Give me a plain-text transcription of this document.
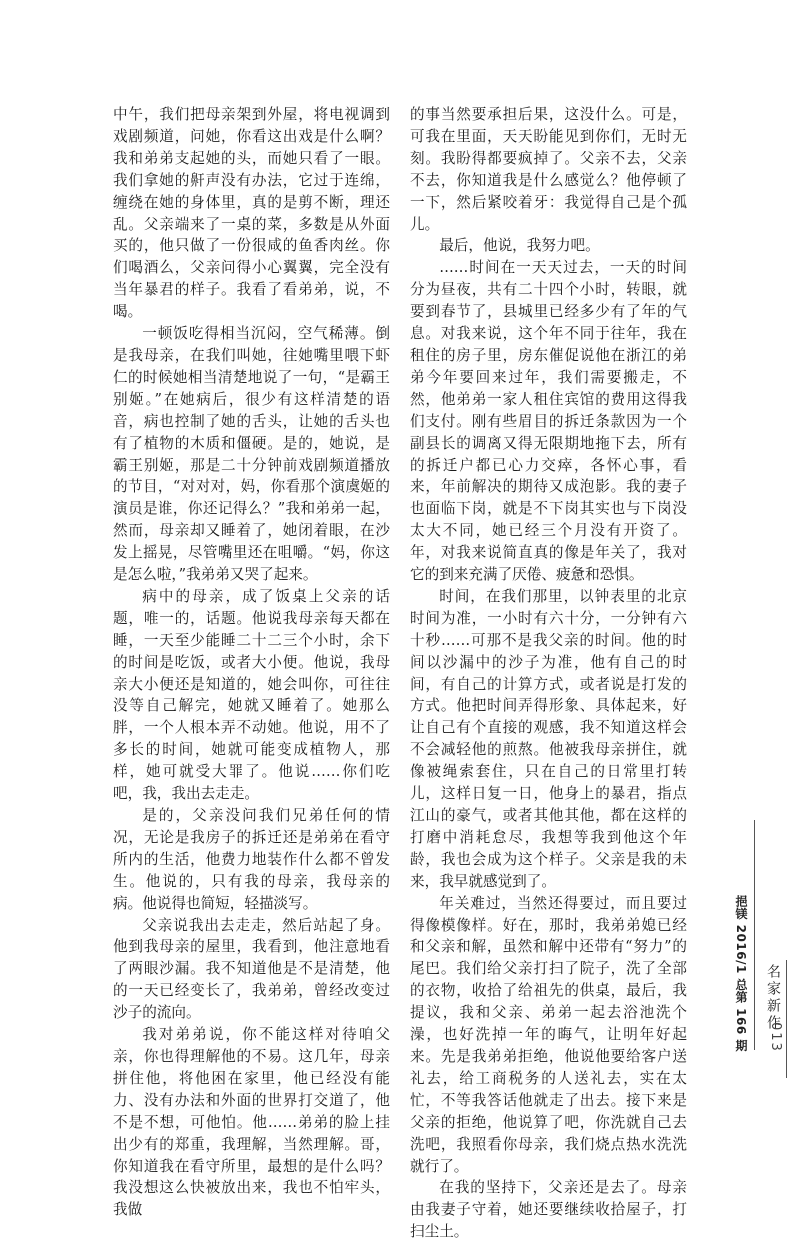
中午，我们把母亲架到外屋，将电视调到戏剧频道，问她，你看这出戏是什么啊？我和弟弟支起她的头，而她只看了一眼。我们拿她的鼾声没有办法，它过于连绵，缠绕在她的身体里，真的是剪不断，理还乱。父亲端来了一桌的菜，多数是从外面买的，他只做了一份很咸的鱼香肉丝。你们喝酒么，父亲问得小心翼翼，完全没有当年暴君的样子。我看了看弟弟，说，不喝。

一顿饭吃得相当沉闷，空气稀薄。倒是我母亲，在我们叫她，往她嘴里喂下虾仁的时候她相当清楚地说了一句，“是霸王别姬。”在她病后，很少有这样清楚的语音，病也控制了她的舌头，让她的舌头也有了植物的木质和僵硬。是的，她说，是霸王别姬，那是二十分钟前戏剧频道播放的节目，“对对对，妈，你看那个演虞姬的演员是谁，你还记得么？”我和弟弟一起，然而，母亲却又睡着了，她闭着眼，在沙发上摇晃，尽管嘴里还在咀嚼。“妈，你这是怎么啦，”我弟弟又哭了起来。

病中的母亲，成了饭桌上父亲的话题，唯一的，话题。他说我母亲每天都在睡，一天至少能睡二十二三个小时，余下的时间是吃饭，或者大小便。他说，我母亲大小便还是知道的，她会叫你，可往往没等自己解完，她就又睡着了。她那么胖，一个人根本弄不动她。他说，用不了多长的时间，她就可能变成植物人，那样，她可就受大罪了。他说……你们吃吧，我，我出去走走。

是的，父亲没问我们兄弟任何的情况，无论是我房子的拆迁还是弟弟在看守所内的生活，他费力地装作什么都不曾发生。他说的，只有我的母亲，我母亲的病。他说得也简短，轻描淡写。

父亲说我出去走走，然后站起了身。他到我母亲的屋里，我看到，他注意地看了两眼沙漏。我不知道他是不是清楚，他的一天已经变长了，我弟弟，曾经改变过沙子的流向。

我对弟弟说，你不能这样对待咱父亲，你也得理解他的不易。这几年，母亲拼住他，将他困在家里，他已经没有能力、没有办法和外面的世界打交道了，他不是不想，可他怕。他……弟弟的脸上挂出少有的郑重，我理解，当然理解。哥，你知道我在看守所里，最想的是什么吗？我没想这么快被放出来，我也不怕牢头，我做

的事当然要承担后果，这没什么。可是，可我在里面，天天盼能见到你们，无时无刻。我盼得都要疯掉了。父亲不去，父亲不去，你知道我是什么感觉么？他停顿了一下，然后紧咬着牙：我觉得自己是个孤儿。

最后，他说，我努力吧。

……时间在一天天过去，一天的时间分为昼夜，共有二十四个小时，转眼，就要到春节了，县城里已经多少有了年的气息。对我来说，这个年不同于往年，我在租住的房子里，房东催促说他在浙江的弟弟今年要回来过年，我们需要搬走，不然，他弟弟一家人租住宾馆的费用这得我们支付。刚有些眉目的拆迁条款因为一个副县长的调离又得无限期地拖下去，所有的拆迁户都已心力交瘁，各怀心事，看来，年前解决的期待又成泡影。我的妻子也面临下岗，就是不下岗其实也与下岗没太大不同，她已经三个月没有开资了。年，对我来说简直真的像是年关了，我对它的到来充满了厌倦、疲惫和恐惧。

时间，在我们那里，以钟表里的北京时间为准，一小时有六十分，一分钟有六十秒……可那不是我父亲的时间。他的时间以沙漏中的沙子为准，他有自己的时间，有自己的计算方式，或者说是打发的方式。他把时间弄得形象、具体起来，好让自己有个直接的观感，我不知道这样会不会减轻他的煎熬。他被我母亲拼住，就像被绳索套住，只在自己的日常里打转儿，这样日复一日，他身上的暴君，指点江山的豪气，或者其他其他，都在这样的打磨中消耗怠尽，我想等我到他这个年龄，我也会成为这个样子。父亲是我的未来，我早就感觉到了。

年关难过，当然还得要过，而且要过得像模像样。好在，那时，我弟弟媳已经和父亲和解，虽然和解中还带有“努力”的尾巴。我们给父亲打扫了院子，洗了全部的衣物，收拾了给祖先的供桌，最后，我提议，我和父亲、弟弟一起去浴池洗个澡，也好洗掉一年的晦气，让明年好起来。先是我弟弟拒绝，他说他要给客户送礼去，给工商税务的人送礼去，实在太忙，不等我答话他就走了出去。接下来是父亲的拒绝，他说算了吧，你洗就自己去洗吧，我照看你母亲，我们烧点热水洗洗就行了。

在我的坚持下，父亲还是去了。母亲由我妻子守着，她还要继续收拾屋子，打扫尘土。

挹镁 2016/1 总第 166 期 名家新作
013
